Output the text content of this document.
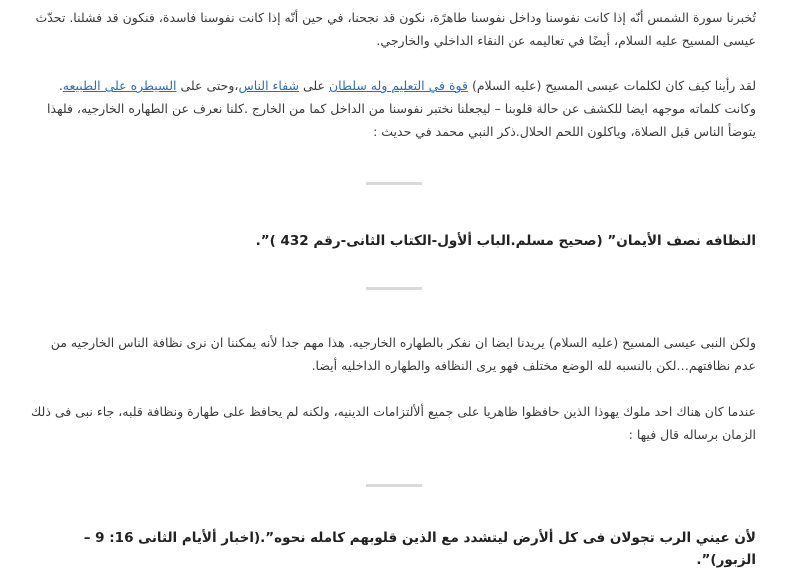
تُخبرنا سورة الشمس أنّه إذا كانت نفوسنا وداخل نفوسنا طاهرًة، نكون قد نجحنا، في حين أنّه إذا كانت نفوسنا فاسدة، فنكون قد فشلنا. تحدّث عيسى المسيح عليه السلام، أيضًا في تعاليمه عن النقاء الداخلي والخارجي.

لقد رأينا كيف كان لكلمات عيسى المسيح (عليه السلام) قوة في التعليم وله سلطان على شفاء الناس،وحتى على السيطره على الطبيعه. وكانت كلماته موجهه ايضا للكشف عن حالة قلوبنا – ليجعلنا نختبر نفوسنا من الداخل كما من الخارج .كلنا نعرف عن الطهاره الخارجيه، فلهذا يتوضأ الناس قبل الصلاة، وياكلون اللحم الحلال.ذكر النبي محمد في حديث :

النظافه نصف الأيمان” (صحيح مسلم.الباب ألأول-الكتاب الثانى-رقم 432 )”.

ولكن النبى عيسى المسيح (عليه السلام) يريدنا ايضا ان نفكر بالطهاره الخارجيه. هذا مهم جدا لأنه يمكننا ان نرى نظافة الناس الخارجيه من عدم نظافتهم…لكن بالنسبه لله الوضع مختلف فهو يرى النظافه والطهاره الداخليه أيضا.

عندما كان هناك احد ملوك يهوذا الذين حافظوا ظاهريا على جميع ألألتزامات الدينيه، ولكنه لم يحافظ على طهارة ونظافة قلبه، جاء نبى فى ذلك الزمان برساله قال فيها :

لأن عيني الرب تجولان فى كل ألأرض ليتشدد مع الذين قلوبهم كامله نحوه”.(اخبار ألأيام الثانى 16: 9 – الزبور)”.
